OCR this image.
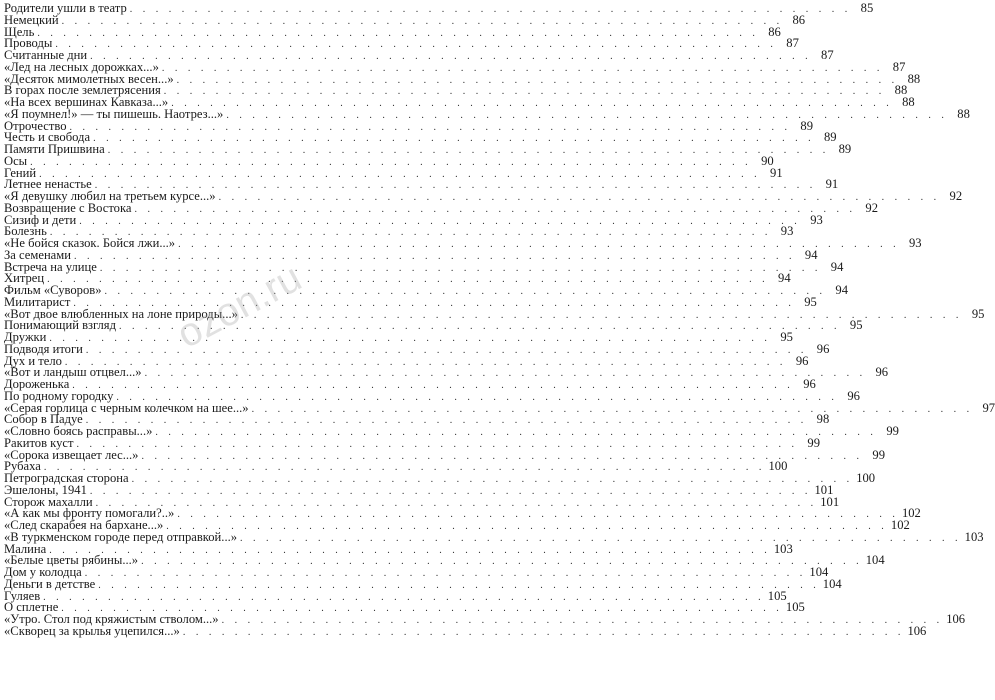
Родители ушли в театр . . . . . . . . . . . . . . . . . . . . . . . . . . . . . . . . . . . . . . . . . . . . . . . . . . . . . . . . 85
Немецкий . . . . . . . . . . . . . . . . . . . . . . . . . . . . . . . . . . . . . . . . . . . . . . . . . . . . . . . . 86
Щель . . . . . . . . . . . . . . . . . . . . . . . . . . . . . . . . . . . . . . . . . . . . . . . . . . . . . . . . 86
Проводы . . . . . . . . . . . . . . . . . . . . . . . . . . . . . . . . . . . . . . . . . . . . . . . . . . . . . . . . 87
Считанные дни . . . . . . . . . . . . . . . . . . . . . . . . . . . . . . . . . . . . . . . . . . . . . . . . . . . . . . . . 87
«Лед на лесных дорожках...» . . . . . . . . . . . . . . . . . . . . . . . . . . . . . . . . . . . . . . . . . . . . . . . . . . . . . . . . 87
«Десяток мимолетных весен...» . . . . . . . . . . . . . . . . . . . . . . . . . . . . . . . . . . . . . . . . . . . . . . . . . . . . . . . . 88
В горах после землетрясения . . . . . . . . . . . . . . . . . . . . . . . . . . . . . . . . . . . . . . . . . . . . . . . . . . . . . . . . 88
«На всех вершинах Кавказа...» . . . . . . . . . . . . . . . . . . . . . . . . . . . . . . . . . . . . . . . . . . . . . . . . . . . . . . . . 88
«Я поумнел!» — ты пишешь. Наотрез...» . . . . . . . . . . . . . . . . . . . . . . . . . . . . . . . . . . . . . . . . . . . . . . . . . . . . . . . . 88
Отрочество . . . . . . . . . . . . . . . . . . . . . . . . . . . . . . . . . . . . . . . . . . . . . . . . . . . . . . . . 89
Честь и свобода . . . . . . . . . . . . . . . . . . . . . . . . . . . . . . . . . . . . . . . . . . . . . . . . . . . . . . . . 89
Памяти Пришвина . . . . . . . . . . . . . . . . . . . . . . . . . . . . . . . . . . . . . . . . . . . . . . . . . . . . . . . . 89
Осы . . . . . . . . . . . . . . . . . . . . . . . . . . . . . . . . . . . . . . . . . . . . . . . . . . . . . . . . 90
Гений . . . . . . . . . . . . . . . . . . . . . . . . . . . . . . . . . . . . . . . . . . . . . . . . . . . . . . . . 91
Летнее ненастье . . . . . . . . . . . . . . . . . . . . . . . . . . . . . . . . . . . . . . . . . . . . . . . . . . . . . . . . 91
«Я девушку любил на третьем курсе...» . . . . . . . . . . . . . . . . . . . . . . . . . . . . . . . . . . . . . . . . . . . . . . . . . . . . . . . . 92
Возвращение с Востока . . . . . . . . . . . . . . . . . . . . . . . . . . . . . . . . . . . . . . . . . . . . . . . . . . . . . . . . 92
Сизиф и дети . . . . . . . . . . . . . . . . . . . . . . . . . . . . . . . . . . . . . . . . . . . . . . . . . . . . . . . . 93
Болезнь . . . . . . . . . . . . . . . . . . . . . . . . . . . . . . . . . . . . . . . . . . . . . . . . . . . . . . . . 93
«Не бойся сказок. Бойся лжи...» . . . . . . . . . . . . . . . . . . . . . . . . . . . . . . . . . . . . . . . . . . . . . . . . . . . . . . . . 93
За семенами . . . . . . . . . . . . . . . . . . . . . . . . . . . . . . . . . . . . . . . . . . . . . . . . . . . . . . . . 94
Встреча на улице . . . . . . . . . . . . . . . . . . . . . . . . . . . . . . . . . . . . . . . . . . . . . . . . . . . . . . . . 94
Хитрец . . . . . . . . . . . . . . . . . . . . . . . . . . . . . . . . . . . . . . . . . . . . . . . . . . . . . . . . 94
Фильм «Суворов» . . . . . . . . . . . . . . . . . . . . . . . . . . . . . . . . . . . . . . . . . . . . . . . . . . . . . . . . 94
Милитарист . . . . . . . . . . . . . . . . . . . . . . . . . . . . . . . . . . . . . . . . . . . . . . . . . . . . . . . . 95
«Вот двое влюбленных на лоне природы...» . . . . . . . . . . . . . . . . . . . . . . . . . . . . . . . . . . . . . . . . . . . . . . . . . . . . . . . . 95
Понимающий взгляд . . . . . . . . . . . . . . . . . . . . . . . . . . . . . . . . . . . . . . . . . . . . . . . . . . . . . . . . 95
Дружки . . . . . . . . . . . . . . . . . . . . . . . . . . . . . . . . . . . . . . . . . . . . . . . . . . . . . . . . 95
Подводя итоги . . . . . . . . . . . . . . . . . . . . . . . . . . . . . . . . . . . . . . . . . . . . . . . . . . . . . . . . 96
Дух и тело . . . . . . . . . . . . . . . . . . . . . . . . . . . . . . . . . . . . . . . . . . . . . . . . . . . . . . . . 96
«Вот и ландыш отцвел...» . . . . . . . . . . . . . . . . . . . . . . . . . . . . . . . . . . . . . . . . . . . . . . . . . . . . . . . . 96
Дороженька . . . . . . . . . . . . . . . . . . . . . . . . . . . . . . . . . . . . . . . . . . . . . . . . . . . . . . . . 96
По родному городку . . . . . . . . . . . . . . . . . . . . . . . . . . . . . . . . . . . . . . . . . . . . . . . . . . . . . . . . 96
«Серая горлица с черным колечком на шее...» . . . . . . . . . . . . . . . . . . . . . . . . . . . . . . . . . . . . . . . . . . . . . . . . . . . . . . . . 97
Собор в Падуе . . . . . . . . . . . . . . . . . . . . . . . . . . . . . . . . . . . . . . . . . . . . . . . . . . . . . . . . 98
«Словно боясь расправы...» . . . . . . . . . . . . . . . . . . . . . . . . . . . . . . . . . . . . . . . . . . . . . . . . . . . . . . . . 99
Ракитов куст . . . . . . . . . . . . . . . . . . . . . . . . . . . . . . . . . . . . . . . . . . . . . . . . . . . . . . . . 99
«Сорока извещает лес...» . . . . . . . . . . . . . . . . . . . . . . . . . . . . . . . . . . . . . . . . . . . . . . . . . . . . . . . . 99
Рубаха . . . . . . . . . . . . . . . . . . . . . . . . . . . . . . . . . . . . . . . . . . . . . . . . . . . . . . . . 100
Петроградская сторона . . . . . . . . . . . . . . . . . . . . . . . . . . . . . . . . . . . . . . . . . . . . . . . . . . . . . . . . 100
Эшелоны, 1941 . . . . . . . . . . . . . . . . . . . . . . . . . . . . . . . . . . . . . . . . . . . . . . . . . . . . . . . . 101
Сторож махалли . . . . . . . . . . . . . . . . . . . . . . . . . . . . . . . . . . . . . . . . . . . . . . . . . . . . . . . . 101
«А как мы фронту помогали?..» . . . . . . . . . . . . . . . . . . . . . . . . . . . . . . . . . . . . . . . . . . . . . . . . . . . . . . . . 102
«След скарабея на бархане...» . . . . . . . . . . . . . . . . . . . . . . . . . . . . . . . . . . . . . . . . . . . . . . . . . . . . . . . . 102
«В туркменском городе перед отправкой...» . . . . . . . . . . . . . . . . . . . . . . . . . . . . . . . . . . . . . . . . . . . . . . . . . . . . . . . . 103
Малина . . . . . . . . . . . . . . . . . . . . . . . . . . . . . . . . . . . . . . . . . . . . . . . . . . . . . . . . 103
«Белые цветы рябины...» . . . . . . . . . . . . . . . . . . . . . . . . . . . . . . . . . . . . . . . . . . . . . . . . . . . . . . . . 104
Дом у колодца . . . . . . . . . . . . . . . . . . . . . . . . . . . . . . . . . . . . . . . . . . . . . . . . . . . . . . . . 104
Деньги в детстве . . . . . . . . . . . . . . . . . . . . . . . . . . . . . . . . . . . . . . . . . . . . . . . . . . . . . . . . 104
Гуляев . . . . . . . . . . . . . . . . . . . . . . . . . . . . . . . . . . . . . . . . . . . . . . . . . . . . . . . . 105
О сплетне . . . . . . . . . . . . . . . . . . . . . . . . . . . . . . . . . . . . . . . . . . . . . . . . . . . . . . . . 105
«Утро. Стол под кряжистым стволом...» . . . . . . . . . . . . . . . . . . . . . . . . . . . . . . . . . . . . . . . . . . . . . . . . . . . . . . . . 106
«Скворец за крылья уцепился...» . . . . . . . . . . . . . . . . . . . . . . . . . . . . . . . . . . . . . . . . . . . . . . . . . . . . . . . . 106
ozon.ru
